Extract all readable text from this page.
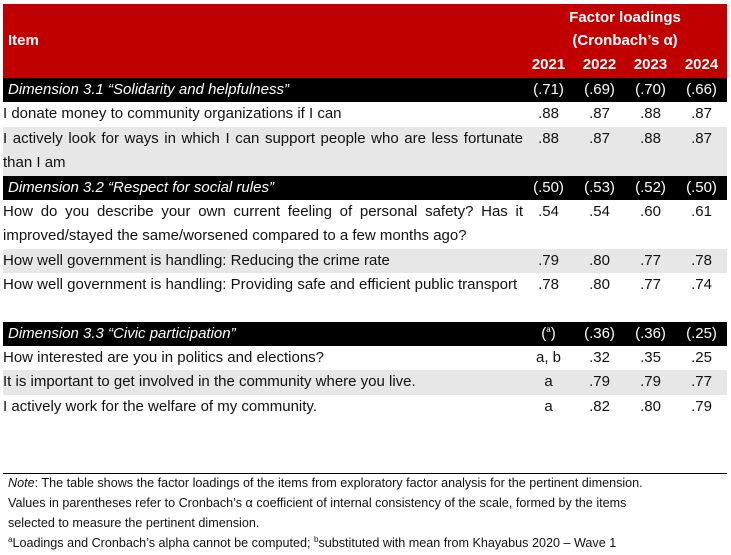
Item	Factor loadings
(Cronbach’s α)			
	2021	2022	2023	2024
Dimension 3.1 “Solidarity and helpfulness”	(.71)	(.69)	(.70)	(.66)
I donate money to community organizations if I can	.88	.87	.88	.87
I actively look for ways in which I can support people who are less fortunate than I am	.88	.87	.88	.87
Dimension 3.2 “Respect for social rules”	(.50)	(.53)	(.52)	(.50)
How do you describe your own current feeling of personal safety? Has it improved/stayed the same/worsened compared to a few months ago?	.54	.54	.60	.61
How well government is handling: Reducing the crime rate	.79	.80	.77	.78
How well government is handling: Providing safe and efficient public transport	.78	.80	.77	.74

Dimension 3.3 “Civic participation”	($^a$)	(.36)	(.36)	(.25)
How interested are you in politics and elections?	a, b	.32	.35	.25
It is important to get involved in the community where you live.	a	.79	.79	.77
I actively work for the welfare of my community.	a	.82	.80	.79
Note: The table shows the factor loadings of the items from exploratory factor analysis for the pertinent dimension.
Values in parentheses refer to Cronbach’s α coefficient of internal consistency of the scale, formed by the items
selected to measure the pertinent dimension.
$^a$Loadings and Cronbach’s alpha cannot be computed; $^b$substituted with mean from Khayabus 2020 – Wave 1
